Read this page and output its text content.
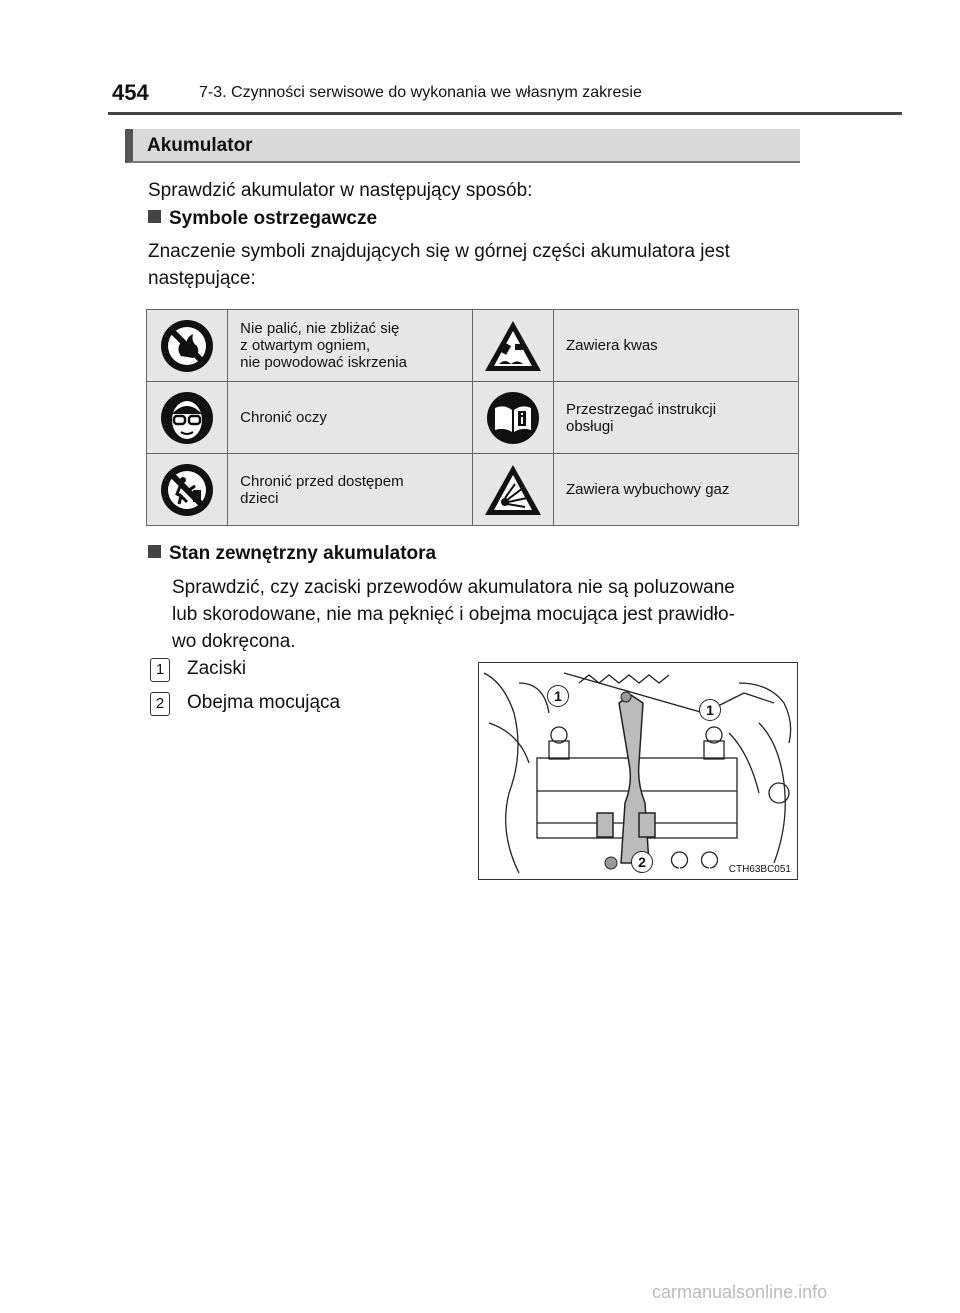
454	7-3. Czynności serwisowe do wykonania we własnym zakresie
Akumulator
Sprawdzić akumulator w następujący sposób:
Symbole ostrzegawcze
Znaczenie symboli znajdujących się w górnej części akumulatora jest
następujące:

Nie palić, nie zbliżać się
z otwartym ogniem,
nie powodować iskrzenia		Zawiera kwas

Chronić oczy		Przestrzegać instrukcji
obsługi

Chronić przed dostępem
dzieci		Zawiera wybuchowy gaz
Stan zewnętrzny akumulatora
Sprawdzić, czy zaciski przewodów akumulatora nie są poluzowane
lub skorodowane, nie ma pęknięć i obejma mocująca jest prawidło-
wo dokręcona.
1	Zaciski
2	Obejma mocująca	1
1
2	CTH63BC051
carmanualsonline.info
